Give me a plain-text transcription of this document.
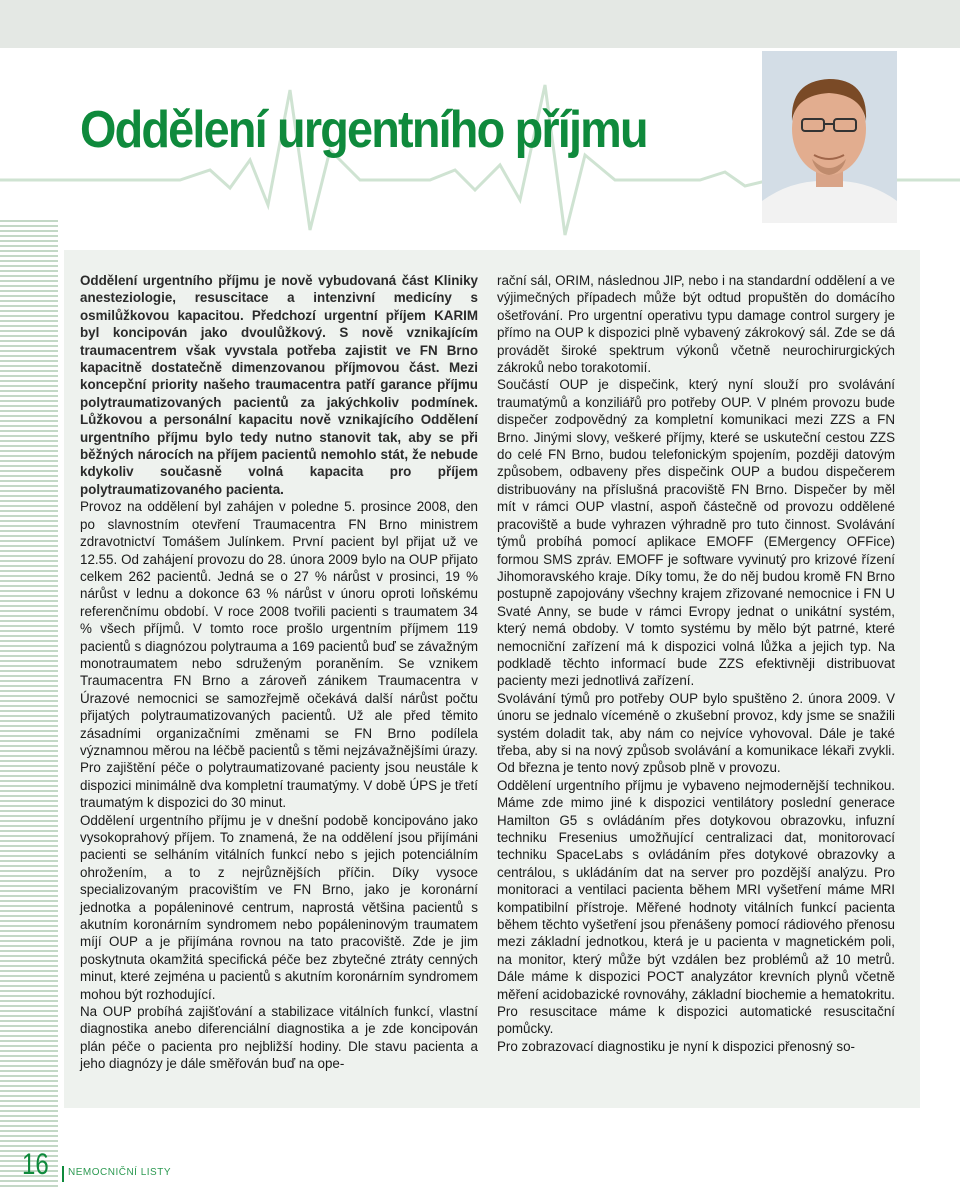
Oddělení urgentního příjmu

Oddělení urgentního příjmu je nově vybudovaná část Kliniky anesteziologie, resuscitace a intenzivní medicíny s osmilůžkovou kapacitou. Předchozí urgentní příjem KARIM byl koncipován jako dvoulůžkový. S nově vznikajícím traumacentrem však vyvstala potřeba zajistit ve FN Brno kapacitně dostatečně dimenzovanou příjmovou část. Mezi koncepční priority našeho traumacentra patří garance příjmu polytraumatizovaných pacientů za jakýchkoliv podmínek. Lůžkovou a personální kapacitu nově vznikajícího Oddělení urgentního příjmu bylo tedy nutno stanovit tak, aby se při běžných nárocích na příjem pacientů nemohlo stát, že nebude kdykoliv současně volná kapacita pro příjem polytraumatizovaného pacienta.

Provoz na oddělení byl zahájen v poledne 5. prosince 2008, den po slavnostním otevření Traumacentra FN Brno ministrem zdravotnictví Tomášem Julínkem. První pacient byl přijat už ve 12.55. Od zahájení provozu do 28. února 2009 bylo na OUP přijato celkem 262 pacientů. Jedná se o 27 % nárůst v prosinci, 19 % nárůst v lednu a dokonce 63 % nárůst v únoru oproti loňskému referenčnímu období. V roce 2008 tvořili pacienti s traumatem 34 % všech příjmů. V tomto roce prošlo urgentním příjmem 119 pacientů s diagnózou polytrauma a 169 pacientů buď se závažným monotraumatem nebo sdruženým poraněním. Se vznikem Traumacentra FN Brno a zároveň zánikem Traumacentra v Úrazové nemocnici se samozřejmě očekává další nárůst počtu přijatých polytraumatizovaných pacientů. Už ale před těmito zásadními organizačními změnami se FN Brno podílela významnou měrou na léčbě pacientů s těmi nejzávažnějšími úrazy. Pro zajištění péče o polytraumatizované pacienty jsou neustále k dispozici minimálně dva kompletní traumatýmy. V době ÚPS je třetí traumatým k dispozici do 30 minut.

Oddělení urgentního příjmu je v dnešní podobě koncipováno jako vysokoprahový příjem. To znamená, že na oddělení jsou přijímáni pacienti se selháním vitálních funkcí nebo s jejich potenciálním ohrožením, a to z nejrůznějších příčin. Díky vysoce specializovaným pracovištím ve FN Brno, jako je koronární jednotka a popáleninové centrum, naprostá většina pacientů s akutním koronárním syndromem nebo popáleninovým traumatem míjí OUP a je přijímána rovnou na tato pracoviště. Zde je jim poskytnuta okamžitá specifická péče bez zbytečné ztráty cenných minut, které zejména u pacientů s akutním koronárním syndromem mohou být rozhodující.

Na OUP probíhá zajišťování a stabilizace vitálních funkcí, vlastní diagnostika anebo diferenciální diagnostika a je zde koncipován plán péče o pacienta pro nejbližší hodiny. Dle stavu pacienta a jeho diagnózy je dále směřován buď na ope-

rační sál, ORIM, následnou JIP, nebo i na standardní oddělení a ve výjimečných případech může být odtud propuštěn do domácího ošetřování. Pro urgentní operativu typu damage control surgery je přímo na OUP k dispozici plně vybavený zákrokový sál. Zde se dá provádět široké spektrum výkonů včetně neurochirurgických zákroků nebo torakotomií.

Součástí OUP je dispečink, který nyní slouží pro svolávání traumatýmů a konziliářů pro potřeby OUP. V plném provozu bude dispečer zodpovědný za kompletní komunikaci mezi ZZS a FN Brno. Jinými slovy, veškeré příjmy, které se uskuteční cestou ZZS do celé FN Brno, budou telefonickým spojením, později datovým způsobem, odbaveny přes dispečink OUP a budou dispečerem distribuovány na příslušná pracoviště FN Brno. Dispečer by měl mít v rámci OUP vlastní, aspoň částečně od provozu oddělené pracoviště a bude vyhrazen výhradně pro tuto činnost. Svolávání týmů probíhá pomocí aplikace EMOFF (EMergency OFFice) formou SMS zpráv. EMOFF je software vyvinutý pro krizové řízení Jihomoravského kraje. Díky tomu, že do něj budou kromě FN Brno postupně zapojovány všechny krajem zřizované nemocnice i FN U Svaté Anny, se bude v rámci Evropy jednat o unikátní systém, který nemá obdoby. V tomto systému by mělo být patrné, které nemocniční zařízení má k dispozici volná lůžka a jejich typ. Na podkladě těchto informací bude ZZS efektivněji distribuovat pacienty mezi jednotlivá zařízení.

Svolávání týmů pro potřeby OUP bylo spuštěno 2. února 2009. V únoru se jednalo víceméně o zkušební provoz, kdy jsme se snažili systém doladit tak, aby nám co nejvíce vyhovoval. Dále je také třeba, aby si na nový způsob svolávání a komunikace lékaři zvykli. Od března je tento nový způsob plně v provozu.

Oddělení urgentního příjmu je vybaveno nejmodernější technikou. Máme zde mimo jiné k dispozici ventilátory poslední generace Hamilton G5 s ovládáním přes dotykovou obrazovku, infuzní techniku Fresenius umožňující centralizaci dat, monitorovací techniku SpaceLabs s ovládáním přes dotykové obrazovky a centrálou, s ukládáním dat na server pro pozdější analýzu. Pro monitoraci a ventilaci pacienta během MRI vyšetření máme MRI kompatibilní přístroje. Měřené hodnoty vitálních funkcí pacienta během těchto vyšetření jsou přenášeny pomocí rádiového přenosu mezi základní jednotkou, která je u pacienta v magnetickém poli, na monitor, který může být vzdálen bez problémů až 10 metrů. Dále máme k dispozici POCT analyzátor krevních plynů včetně měření acidobazické rovnováhy, základní biochemie a hematokritu. Pro resuscitace máme k dispozici automatické resuscitační pomůcky.

Pro zobrazovací diagnostiku je nyní k dispozici přenosný so-

16 NEMOCNIČNÍ LISTY
